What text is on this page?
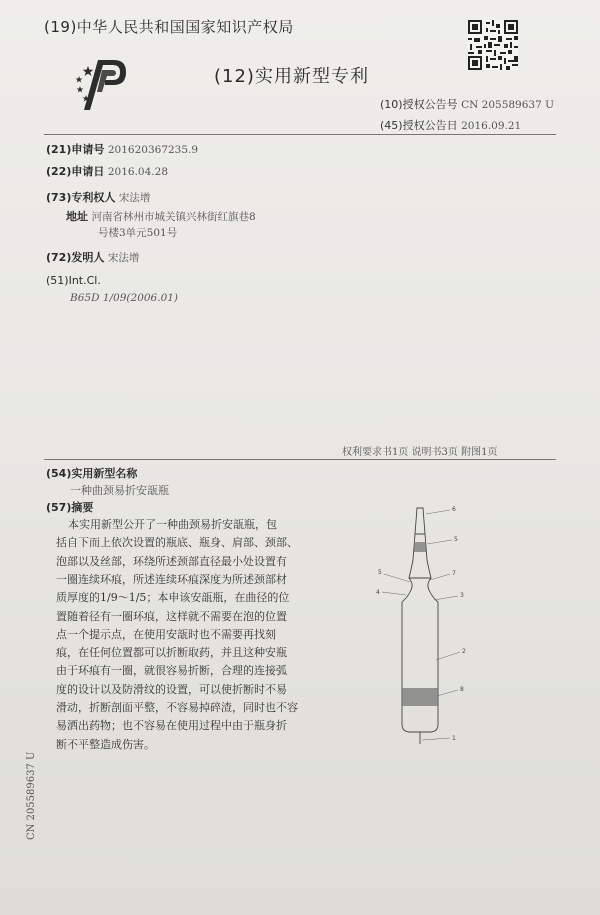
(19)中华人民共和国国家知识产权局
(12)实用新型专利
(10)授权公告号 CN 205589637 U
(45)授权公告日 2016.09.21
(21)申请号 201620367235.9
(22)申请日 2016.04.28
(73)专利权人 宋法增
地址 河南省林州市城关镇兴林街红旗巷8
号楼3单元501号
(72)发明人 宋法增
(51)Int.Cl.
B65D 1/09(2006.01)
权利要求书1页 说明书3页 附图1页
(54)实用新型名称
一种曲颈易折安瓿瓶
(57)摘要
本实用新型公开了一种曲颈易折安瓿瓶，包
括自下而上依次设置的瓶底、瓶身、肩部、颈部、
泡部以及丝部，环绕所述颈部直径最小处设置有
一圈连续环痕，所述连续环痕深度为所述颈部材
质厚度的1/9～1/5；本申该安瓿瓶，在曲径的位
置随着径有一圈环痕，这样就不需要在泡的位置
点一个提示点，在使用安瓿时也不需要再找刻
痕，在任何位置都可以折断取药，并且这种安瓶
由于环痕有一圈，就很容易折断，合理的连接弧
度的设计以及防滑纹的设置，可以使折断时不易
滑动，折断剖面平整，不容易掉碎渣，同时也不容
易洒出药物；也不容易在使用过程中由于瓶身折
断不平整造成伤害。
6
5
5	7
4	3
2
8
1
CN 205589637 U
